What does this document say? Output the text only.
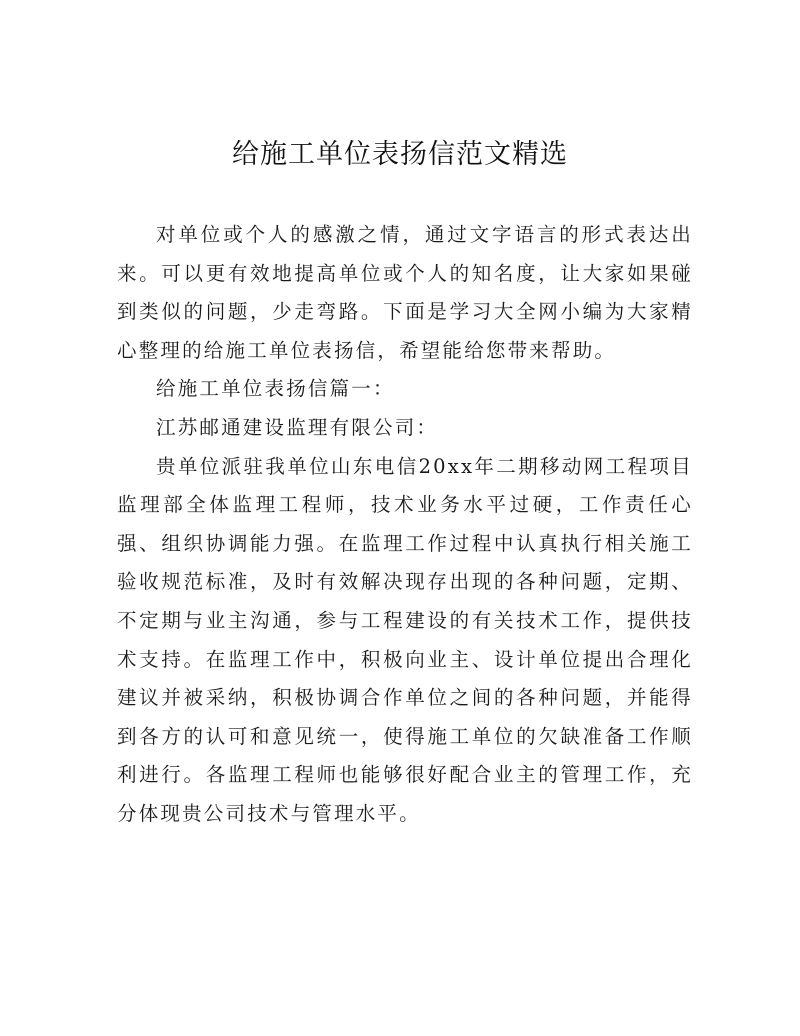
给施工单位表扬信范文精选

对单位或个人的感激之情，通过文字语言的形式表达出来。可以更有效地提高单位或个人的知名度，让大家如果碰到类似的问题，少走弯路。下面是学习大全网小编为大家精心整理的给施工单位表扬信，希望能给您带来帮助。

给施工单位表扬信篇一：

江苏邮通建设监理有限公司：

贵单位派驻我单位山东电信20xx年二期移动网工程项目监理部全体监理工程师，技术业务水平过硬，工作责任心强、组织协调能力强。在监理工作过程中认真执行相关施工验收规范标准，及时有效解决现存出现的各种问题，定期、不定期与业主沟通，参与工程建设的有关技术工作，提供技术支持。在监理工作中，积极向业主、设计单位提出合理化建议并被采纳，积极协调合作单位之间的各种问题，并能得到各方的认可和意见统一，使得施工单位的欠缺准备工作顺利进行。各监理工程师也能够很好配合业主的管理工作，充分体现贵公司技术与管理水平。
